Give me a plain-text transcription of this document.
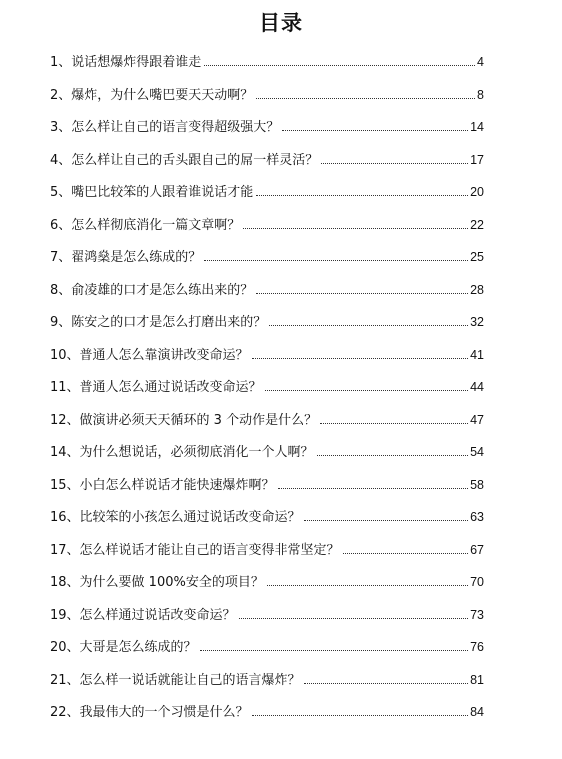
目录
1、说话想爆炸得跟着谁走	4
2、爆炸，为什么嘴巴要天天动啊？	8
3、怎么样让自己的语言变得超级强大？	14
4、怎么样让自己的舌头跟自己的屌一样灵活？	17
5、嘴巴比较笨的人跟着谁说话才能	20
6、怎么样彻底消化一篇文章啊？	22
7、翟鸿燊是怎么练成的？	25
8、俞凌雄的口才是怎么练出来的？	28
9、陈安之的口才是怎么打磨出来的？	32
10、普通人怎么靠演讲改变命运？	41
11、普通人怎么通过说话改变命运？	44
12、做演讲必须天天循环的 3 个动作是什么？	47
14、为什么想说话，必须彻底消化一个人啊？	54
15、小白怎么样说话才能快速爆炸啊？	58
16、比较笨的小孩怎么通过说话改变命运？	63
17、怎么样说话才能让自己的语言变得非常坚定？	67
18、为什么要做 100%安全的项目？	70
19、怎么样通过说话改变命运？	73
20、大哥是怎么练成的？	76
21、怎么样一说话就能让自己的语言爆炸？	81
22、我最伟大的一个习惯是什么？	84
